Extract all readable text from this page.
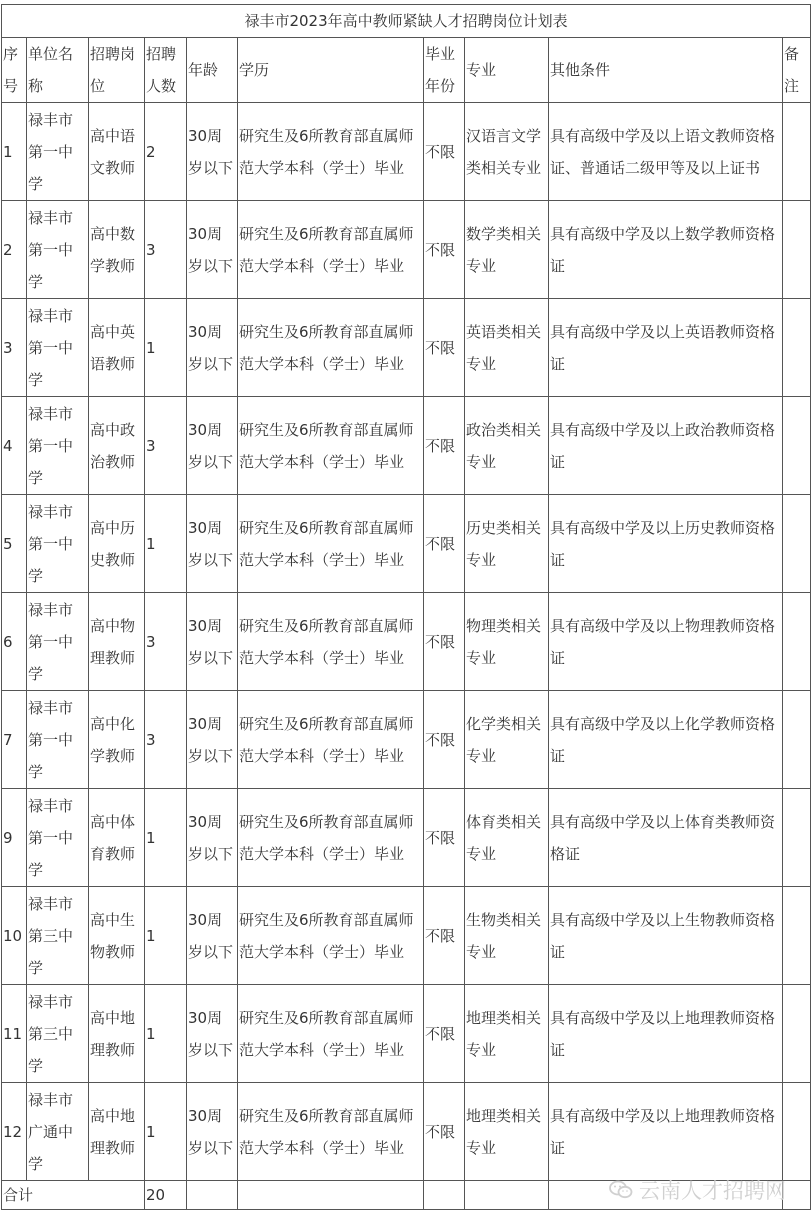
禄丰市2023年高中教师紧缺人才招聘岗位计划表									
序号	单位名称	招聘岗位	招聘人数	年龄	学历	毕业年份	专业	其他条件	备注
1	禄丰市第一中学	高中语文教师	2	30周岁以下	研究生及6所教育部直属师范大学本科（学士）毕业	不限	汉语言文学类相关专业	具有高级中学及以上语文教师资格证、普通话二级甲等及以上证书	
2	禄丰市第一中学	高中数学教师	3	30周岁以下	研究生及6所教育部直属师范大学本科（学士）毕业	不限	数学类相关专业	具有高级中学及以上数学教师资格证	
3	禄丰市第一中学	高中英语教师	1	30周岁以下	研究生及6所教育部直属师范大学本科（学士）毕业	不限	英语类相关专业	具有高级中学及以上英语教师资格证	
4	禄丰市第一中学	高中政治教师	3	30周岁以下	研究生及6所教育部直属师范大学本科（学士）毕业	不限	政治类相关专业	具有高级中学及以上政治教师资格证	
5	禄丰市第一中学	高中历史教师	1	30周岁以下	研究生及6所教育部直属师范大学本科（学士）毕业	不限	历史类相关专业	具有高级中学及以上历史教师资格证	
6	禄丰市第一中学	高中物理教师	3	30周岁以下	研究生及6所教育部直属师范大学本科（学士）毕业	不限	物理类相关专业	具有高级中学及以上物理教师资格证	
7	禄丰市第一中学	高中化学教师	3	30周岁以下	研究生及6所教育部直属师范大学本科（学士）毕业	不限	化学类相关专业	具有高级中学及以上化学教师资格证	
9	禄丰市第一中学	高中体育教师	1	30周岁以下	研究生及6所教育部直属师范大学本科（学士）毕业	不限	体育类相关专业	具有高级中学及以上体育类教师资格证	
10	禄丰市第三中学	高中生物教师	1	30周岁以下	研究生及6所教育部直属师范大学本科（学士）毕业	不限	生物类相关专业	具有高级中学及以上生物教师资格证	
11	禄丰市第三中学	高中地理教师	1	30周岁以下	研究生及6所教育部直属师范大学本科（学士）毕业	不限	地理类相关专业	具有高级中学及以上地理教师资格证	
12	禄丰市广通中学	高中地理教师	1	30周岁以下	研究生及6所教育部直属师范大学本科（学士）毕业	不限	地理类相关专业	具有高级中学及以上地理教师资格证	
合计			20							云南人才招聘网
